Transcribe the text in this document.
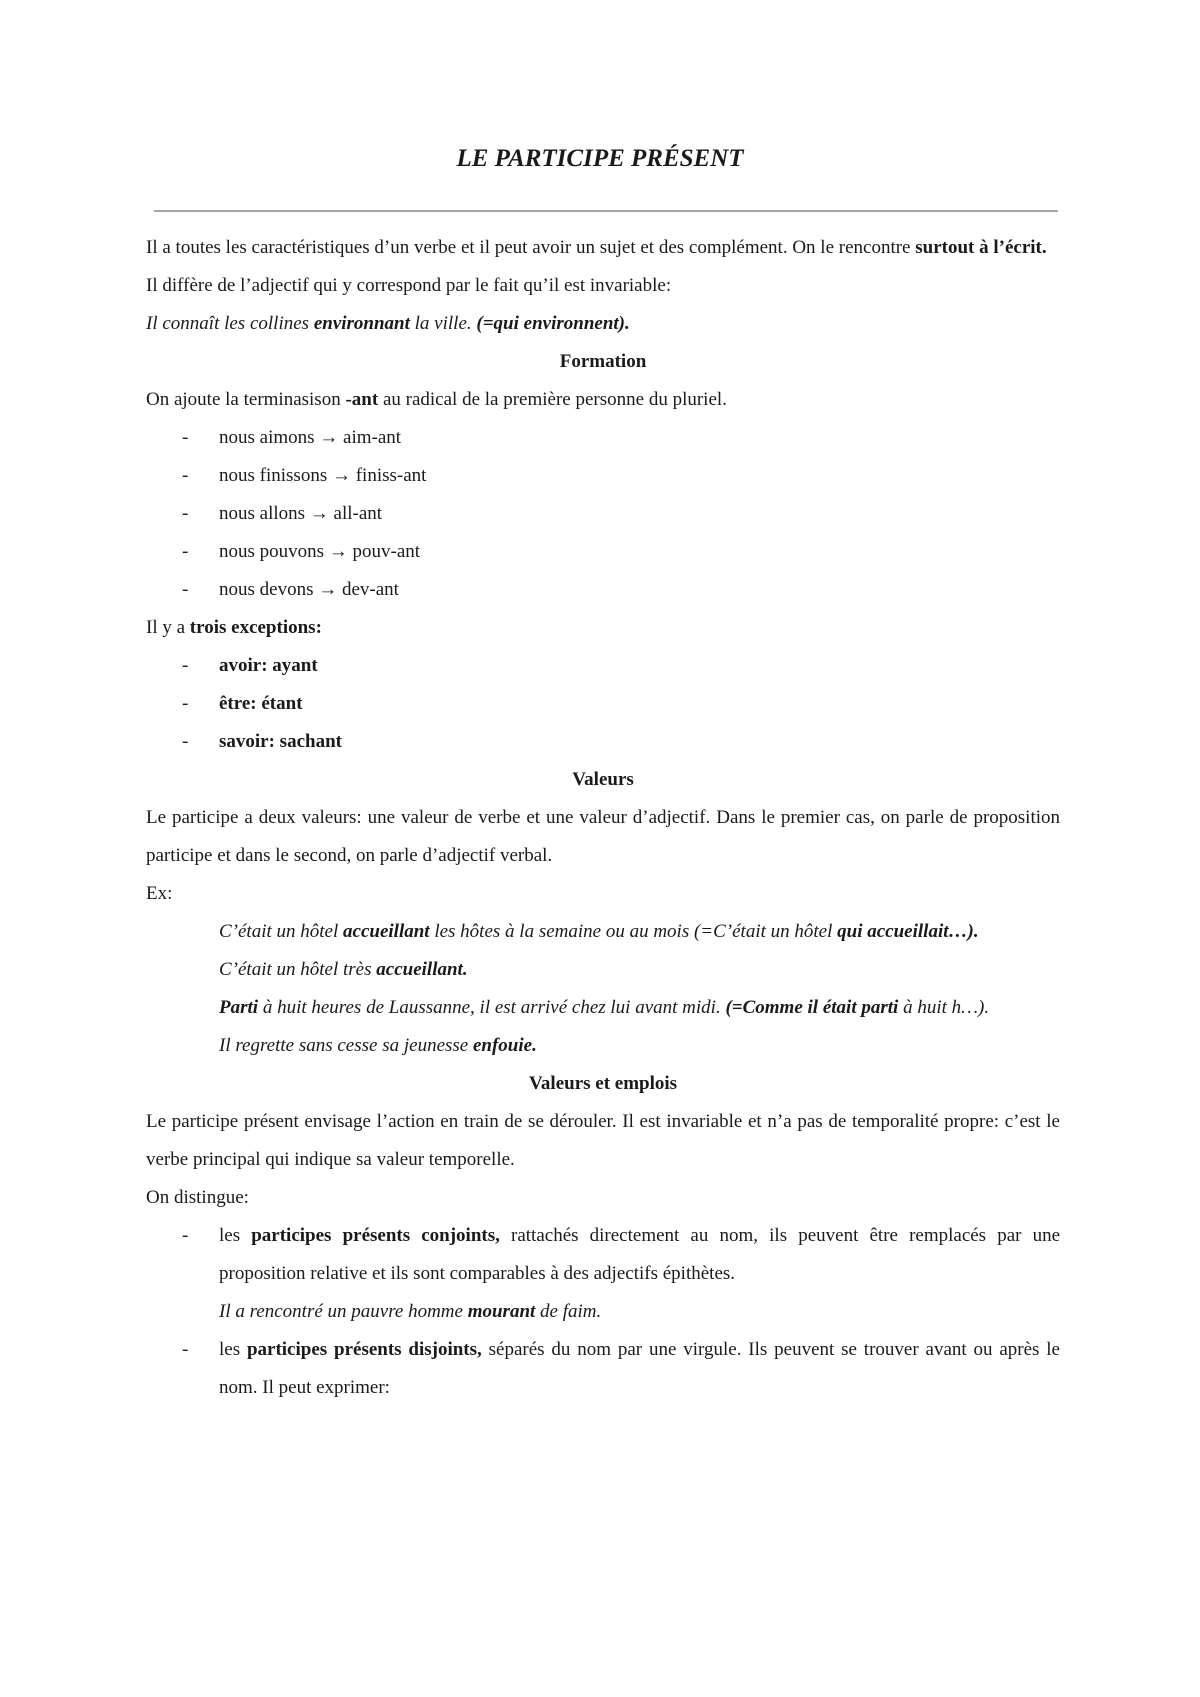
LE PARTICIPE PRÉSENT

Il a toutes les caractéristiques d’un verbe et il peut avoir un sujet et des complément. On le rencontre surtout à l’écrit.

Il diffère de l’adjectif qui y correspond par le fait qu’il est invariable:

Il connaît les collines environnant la ville. (=qui environnent).

Formation

On ajoute la terminasison -ant au radical de la première personne du pluriel.

- nous aimons → aim-ant
- nous finissons → finiss-ant
- nous allons → all-ant
- nous pouvons → pouv-ant
- nous devons → dev-ant

Il y a trois exceptions:

- avoir: ayant
- être: étant
- savoir: sachant

Valeurs

Le participe a deux valeurs: une valeur de verbe et une valeur d’adjectif. Dans le premier cas, on parle de proposition participe et dans le second, on parle d’adjectif verbal.

Ex:

C’était un hôtel accueillant les hôtes à la semaine ou au mois (=C’était un hôtel qui accueillait…).

C’était un hôtel très accueillant.

Parti à huit heures de Laussanne, il est arrivé chez lui avant midi. (=Comme il était parti à huit h…).

Il regrette sans cesse sa jeunesse enfouie.

Valeurs et emplois

Le participe présent envisage l’action en train de se dérouler. Il est invariable et n’a pas de temporalité propre: c’est le verbe principal qui indique sa valeur temporelle.

On distingue:

- les participes présents conjoints, rattachés directement au nom, ils peuvent être remplacés par une proposition relative et ils sont comparables à des adjectifs épithètes.
Il a rencontré un pauvre homme mourant de faim.
- les participes présents disjoints, séparés du nom par une virgule. Ils peuvent se trouver avant ou après le nom. Il peut exprimer:
